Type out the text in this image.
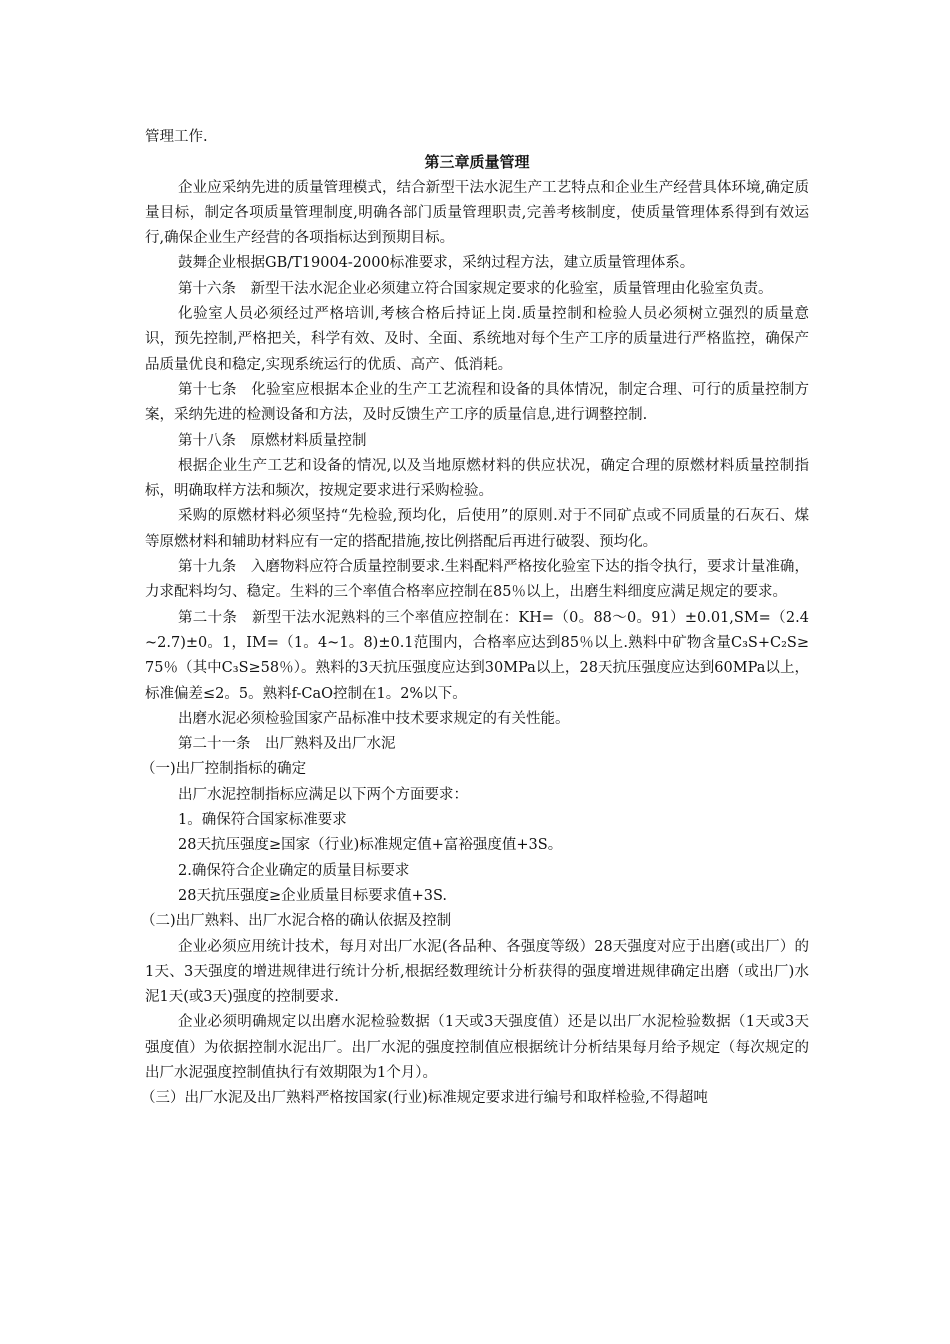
管理工作.

第三章质量管理

企业应采纳先进的质量管理模式，结合新型干法水泥生产工艺特点和企业生产经营具体环境,确定质量目标，制定各项质量管理制度,明确各部门质量管理职责,完善考核制度，使质量管理体系得到有效运行,确保企业生产经营的各项指标达到预期目标。

鼓舞企业根据GB/T19004-2000标准要求，采纳过程方法，建立质量管理体系。

第十六条　新型干法水泥企业必须建立符合国家规定要求的化验室，质量管理由化验室负责。

化验室人员必须经过严格培训,考核合格后持证上岗.质量控制和检验人员必须树立强烈的质量意识，预先控制,严格把关，科学有效、及时、全面、系统地对每个生产工序的质量进行严格监控，确保产品质量优良和稳定,实现系统运行的优质、高产、低消耗。

第十七条　化验室应根据本企业的生产工艺流程和设备的具体情况，制定合理、可行的质量控制方案，采纳先进的检测设备和方法，及时反馈生产工序的质量信息,进行调整控制.

第十八条　原燃材料质量控制

根据企业生产工艺和设备的情况,以及当地原燃材料的供应状况，确定合理的原燃材料质量控制指标，明确取样方法和频次，按规定要求进行采购检验。

采购的原燃材料必须坚持“先检验,预均化，后使用”的原则.对于不同矿点或不同质量的石灰石、煤等原燃材料和辅助材料应有一定的搭配措施,按比例搭配后再进行破裂、预均化。

第十九条　入磨物料应符合质量控制要求.生料配料严格按化验室下达的指令执行，要求计量准确，力求配料均匀、稳定。生料的三个率值合格率应控制在85％以上，出磨生料细度应满足规定的要求。

第二十条　新型干法水泥熟料的三个率值应控制在：KH=（0。88～0。91）±0.01,SM=（2.4~2.7)±0。1，IM=（1。4~1。8)±0.1范围内，合格率应达到85％以上.熟料中矿物含量C₃S+C₂S≥75％（其中C₃S≥58％）。熟料的3天抗压强度应达到30MPa以上，28天抗压强度应达到60MPa以上，标准偏差≤2。5。熟料f-CaO控制在1。2%以下。

出磨水泥必须检验国家产品标准中技术要求规定的有关性能。

第二十一条　出厂熟料及出厂水泥

（一)出厂控制指标的确定

出厂水泥控制指标应满足以下两个方面要求：

1。确保符合国家标准要求

28天抗压强度≥国家（行业)标准规定值+富裕强度值+3S。

2.确保符合企业确定的质量目标要求

28天抗压强度≥企业质量目标要求值+3S.

（二)出厂熟料、出厂水泥合格的确认依据及控制

企业必须应用统计技术，每月对出厂水泥(各品种、各强度等级）28天强度对应于出磨(或出厂）的1天、3天强度的增进规律进行统计分析,根据经数理统计分析获得的强度增进规律确定出磨（或出厂)水泥1天(或3天)强度的控制要求.

企业必须明确规定以出磨水泥检验数据（1天或3天强度值）还是以出厂水泥检验数据（1天或3天强度值）为依据控制水泥出厂。出厂水泥的强度控制值应根据统计分析结果每月给予规定（每次规定的出厂水泥强度控制值执行有效期限为1个月）。

（三）出厂水泥及出厂熟料严格按国家(行业)标准规定要求进行编号和取样检验,不得超吨
